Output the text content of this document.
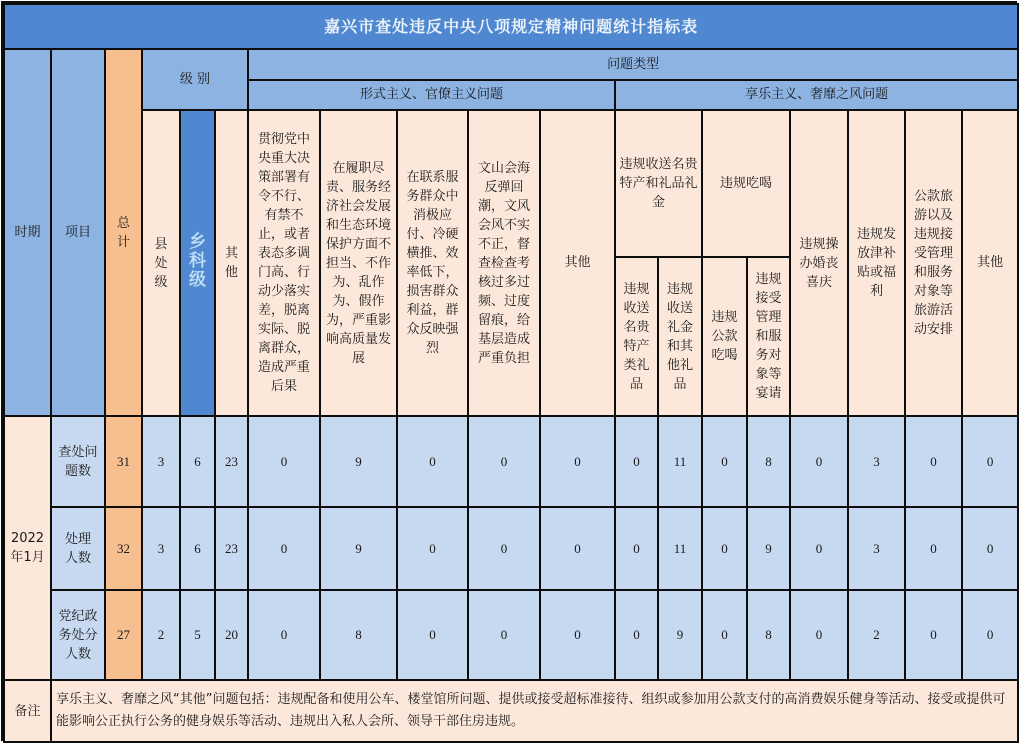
嘉兴市查处违反中央八项规定精神问题统计指标表																		
时期	项目	总计	级 别			问题类型												
						形式主义、官僚主义问题					享乐主义、奢靡之风问题							
			县处级	乡科级	其他	贯彻党中央重大决策部署有令不行、有禁不止，或者表态多调门高、行动少落实差，脱离实际、脱离群众，造成严重后果	在履职尽责、服务经济社会发展和生态环境保护方面不担当、不作为、乱作为、假作为，严重影响高质量发展	在联系服务群众中消极应付、冷硬横推、效率低下，损害群众利益，群众反映强烈	文山会海反弹回潮，文风会风不实不正，督查检查考核过多过频、过度留痕，给基层造成严重负担	其他	违规收送名贵特产和礼品礼金		违规吃喝		违规操办婚丧喜庆	违规发放津补贴或福利	公款旅游以及违规接受管理和服务对象等旅游活动安排	其他
											违规收送名贵特产类礼品	违规收送礼金和其他礼品	违规公款吃喝	违规接受管理和服务对象等宴请				
2022年1月	查处问题数	31	3	6	23	0	9	0	0	0	0	11	0	8	0	3	0	0
	处理人数	32	3	6	23	0	9	0	0	0	0	11	0	9	0	3	0	0
	党纪政务处分人数	27	2	5	20	0	8	0	0	0	0	9	0	8	0	2	0	0
备注	享乐主义、奢靡之风“其他”问题包括：违规配备和使用公车、楼堂馆所问题、提供或接受超标准接待、组织或参加用公款支付的高消费娱乐健身等活动、接受或提供可能影响公正执行公务的健身娱乐等活动、违规出入私人会所、领导干部住房违规。																	
